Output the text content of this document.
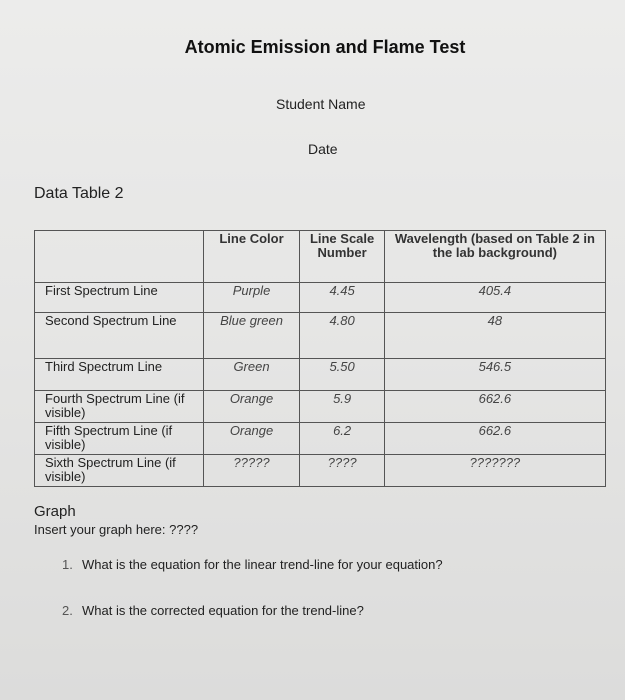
Atomic Emission and Flame Test
Student Name
Date
Data Table 2
	Line Color	Line Scale Number	Wavelength (based on Table 2 in the lab background)
First Spectrum Line	Purple	4.45	405.4
Second Spectrum Line	Blue green	4.80	48
Third Spectrum Line	Green	5.50	546.5
Fourth Spectrum Line (if visible)	Orange	5.9	662.6
Fifth Spectrum Line (if visible)	Orange	6.2	662.6
Sixth Spectrum Line (if visible)	?????	????	???????
Graph
Insert your graph here: ????
1. What is the equation for the linear trend-line for your equation?
2. What is the corrected equation for the trend-line?
